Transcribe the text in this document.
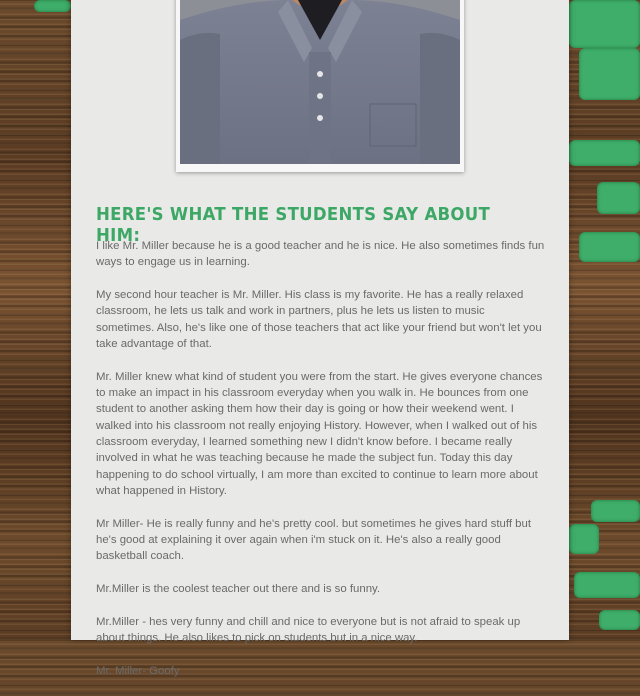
HERE'S WHAT THE STUDENTS SAY ABOUT HIM:

I like Mr. Miller because he is a good teacher and he is nice. He also sometimes finds fun ways to engage us in learning.

My second hour teacher is Mr. Miller. His class is my favorite. He has a really relaxed classroom, he lets us talk and work in partners, plus he lets us listen to music sometimes. Also, he's like one of those teachers that act like your friend but won't let you take advantage of that.

Mr. Miller knew what kind of student you were from the start. He gives everyone chances to make an impact in his classroom everyday when you walk in. He bounces from one student to another asking them how their day is going or how their weekend went. I walked into his classroom not really enjoying History. However, when I walked out of his classroom everyday, I learned something new I didn't know before. I became really involved in what he was teaching because he made the subject fun. Today this day happening to do school virtually, I am more than excited to continue to learn more about what happened in History.

Mr Miller- He is really funny and he's pretty cool. but sometimes he gives hard stuff but he's good at explaining it over again when i'm stuck on it. He's also a really good basketball coach.

Mr.Miller is the coolest teacher out there and is so funny.

Mr.Miller - hes very funny and chill and nice to everyone but is not afraid to speak up about things. He also likes to pick on students but in a nice way.

Mr. Miller- Goofy
